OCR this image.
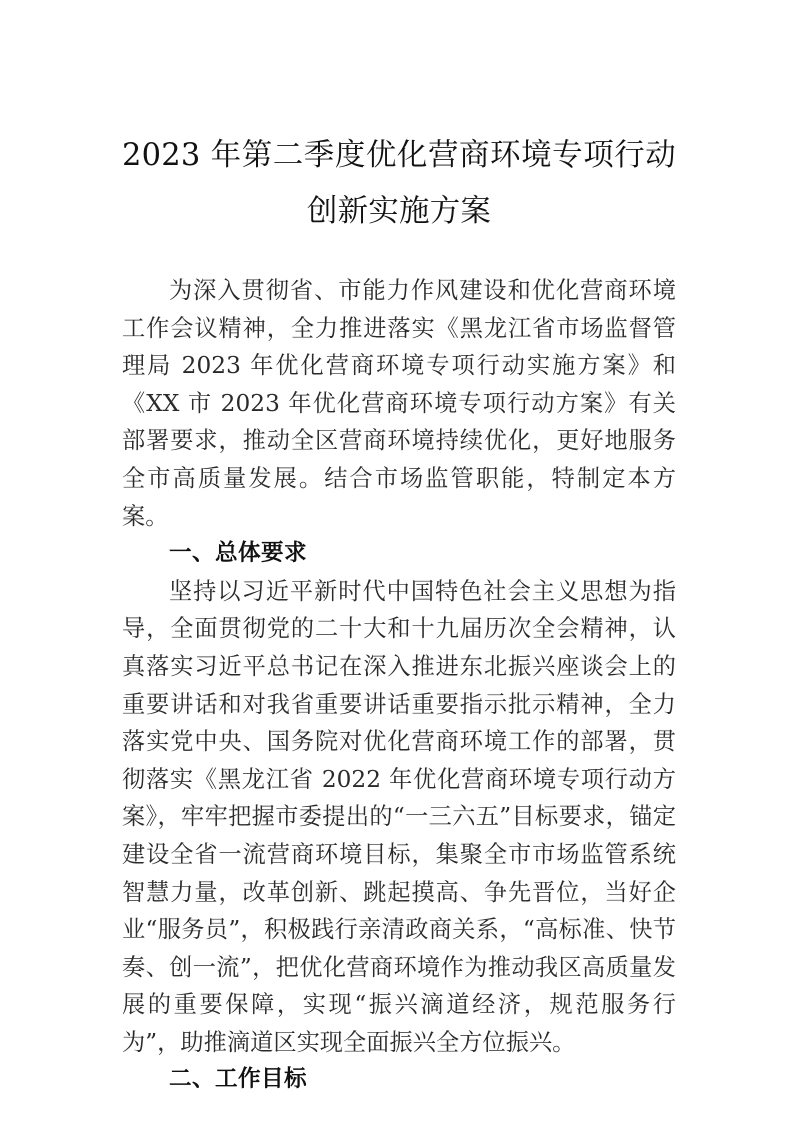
2023 年第二季度优化营商环境专项行动创新实施方案

为深入贯彻省、市能力作风建设和优化营商环境工作会议精神，全力推进落实《黑龙江省市场监督管理局 2023 年优化营商环境专项行动实施方案》和《XX 市 2023 年优化营商环境专项行动方案》有关部署要求，推动全区营商环境持续优化，更好地服务全市高质量发展。结合市场监管职能，特制定本方案。

一、总体要求

坚持以习近平新时代中国特色社会主义思想为指导，全面贯彻党的二十大和十九届历次全会精神，认真落实习近平总书记在深入推进东北振兴座谈会上的重要讲话和对我省重要讲话重要指示批示精神，全力落实党中央、国务院对优化营商环境工作的部署，贯彻落实《黑龙江省 2022 年优化营商环境专项行动方案》，牢牢把握市委提出的“一三六五”目标要求，锚定建设全省一流营商环境目标，集聚全市市场监管系统智慧力量，改革创新、跳起摸高、争先晋位，当好企业“服务员”，积极践行亲清政商关系，“高标准、快节奏、创一流”，把优化营商环境作为推动我区高质量发展的重要保障，实现“振兴滴道经济，规范服务行为”，助推滴道区实现全面振兴全方位振兴。

二、工作目标
